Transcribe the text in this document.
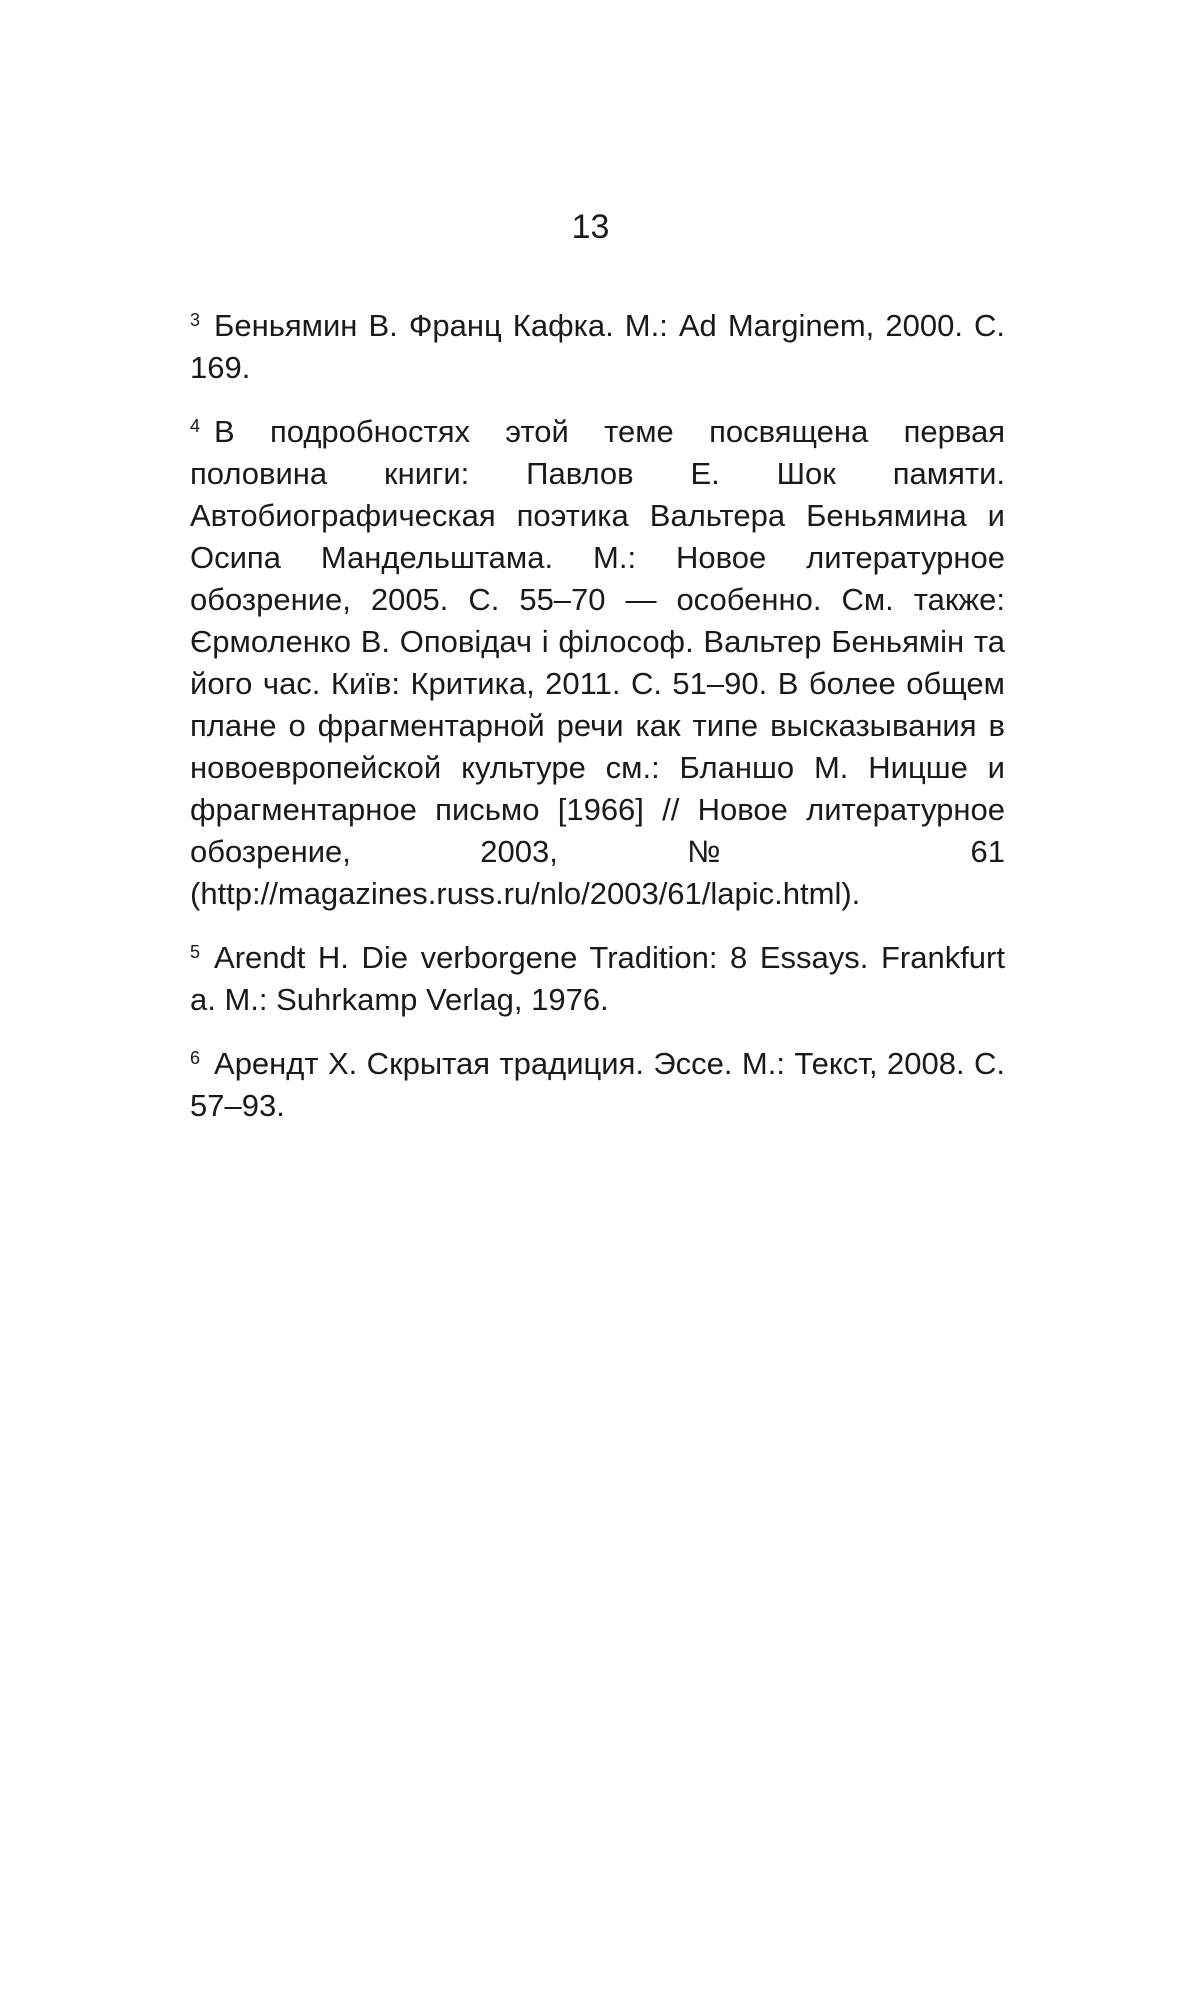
13

$^3$ Беньямин В. Франц Кафка. М.: Ad Marginem, 2000. С. 169.

$^4$ В подробностях этой теме посвящена первая половина книги: Павлов Е. Шок памяти. Автобиографическая поэтика Вальтера Беньямина и Осипа Мандельштама. М.: Новое литературное обозрение, 2005. С. 55–70 — особенно. См. также: Єрмоленко В. Оповідач і філософ. Вальтер Беньямін та його час. Київ: Критика, 2011. С. 51–90. В более общем плане о фрагментарной речи как типе высказывания в новоевропейской культуре см.: Бланшо М. Ницше и фрагментарное письмо [1966] // Новое литературное обозрение, 2003, № 61 (http://magazines.russ.ru/nlo/2003/61/lapic.html).

$^5$ Arendt H. Die verborgene Tradition: 8 Essays. Frankfurt a. M.: Suhrkamp Verlag, 1976.

$^6$ Арендт Х. Скрытая традиция. Эссе. М.: Текст, 2008. С. 57–93.
